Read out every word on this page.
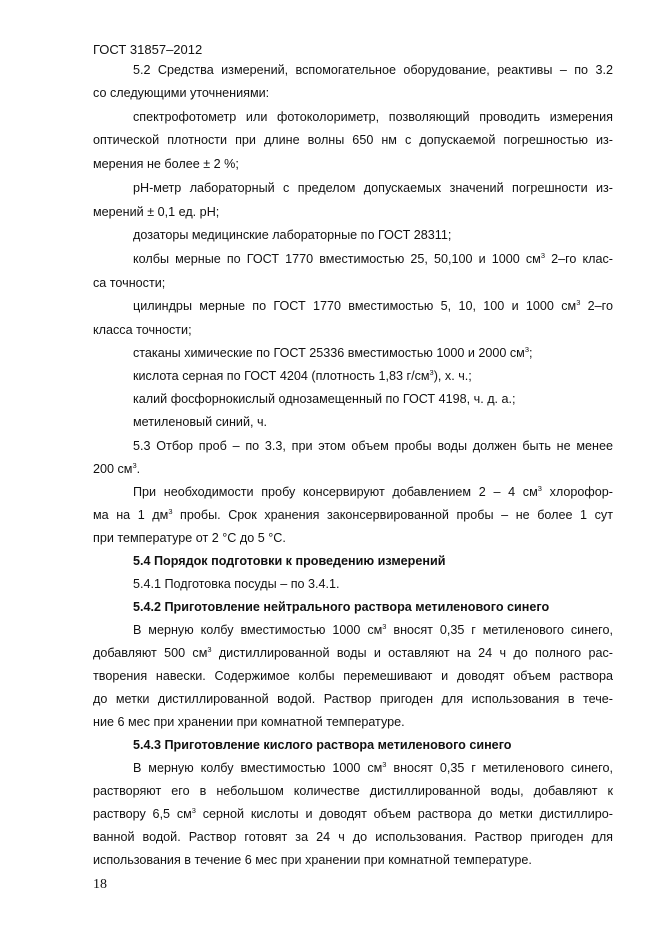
ГОСТ 31857–2012
5.2 Средства измерений, вспомогательное оборудование, реактивы – по 3.2
со следующими уточнениями:
спектрофотометр или фотоколориметр, позволяющий проводить измерения
оптической плотности при длине волны 650 нм с допускаемой погрешностью из-
мерения не более ± 2 %;
рН-метр лабораторный с пределом допускаемых значений погрешности из-
мерений ± 0,1 ед. рН;
дозаторы медицинские лабораторные по ГОСТ 28311;
колбы мерные по ГОСТ 1770 вместимостью 25, 50,100 и 1000 $см^3$ 2–го клас-
са точности;
цилиндры мерные по ГОСТ 1770 вместимостью 5, 10, 100 и 1000 $см^3$ 2–го
класса точности;
стаканы химические по ГОСТ 25336 вместимостью 1000 и 2000 $см^3$;
кислота серная по ГОСТ 4204 (плотность 1,83 $г/см^3$), х. ч.;
калий фосфорнокислый однозамещенный по ГОСТ 4198, ч. д. а.;
метиленовый синий, ч.
5.3 Отбор проб – по 3.3, при этом объем пробы воды должен быть не менее
200 $см^3$.
При необходимости пробу консервируют добавлением 2 – 4 $см^3$ хлорофор-
ма на 1 $дм^3$ пробы. Срок хранения законсервированной пробы – не более 1 сут
при температуре от 2 °С до 5 °С.
5.4 Порядок подготовки к проведению измерений
5.4.1 Подготовка посуды – по 3.4.1.
5.4.2 Приготовление нейтрального раствора метиленового синего
В мерную колбу вместимостью 1000 $см^3$ вносят 0,35 г метиленового синего,
добавляют 500 $см^3$ дистиллированной воды и оставляют на 24 ч до полного рас-
творения навески. Содержимое колбы перемешивают и доводят объем раствора
до метки дистиллированной водой. Раствор пригоден для использования в тече-
ние 6 мес при хранении при комнатной температуре.
5.4.3 Приготовление кислого раствора метиленового синего
В мерную колбу вместимостью 1000 $см^3$ вносят 0,35 г метиленового синего,
растворяют его в небольшом количестве дистиллированной воды, добавляют к
раствору 6,5 $см^3$ серной кислоты и доводят объем раствора до метки дистиллиро-
ванной водой. Раствор готовят за 24 ч до использования. Раствор пригоден для
использования в течение 6 мес при хранении при комнатной температуре.
18
